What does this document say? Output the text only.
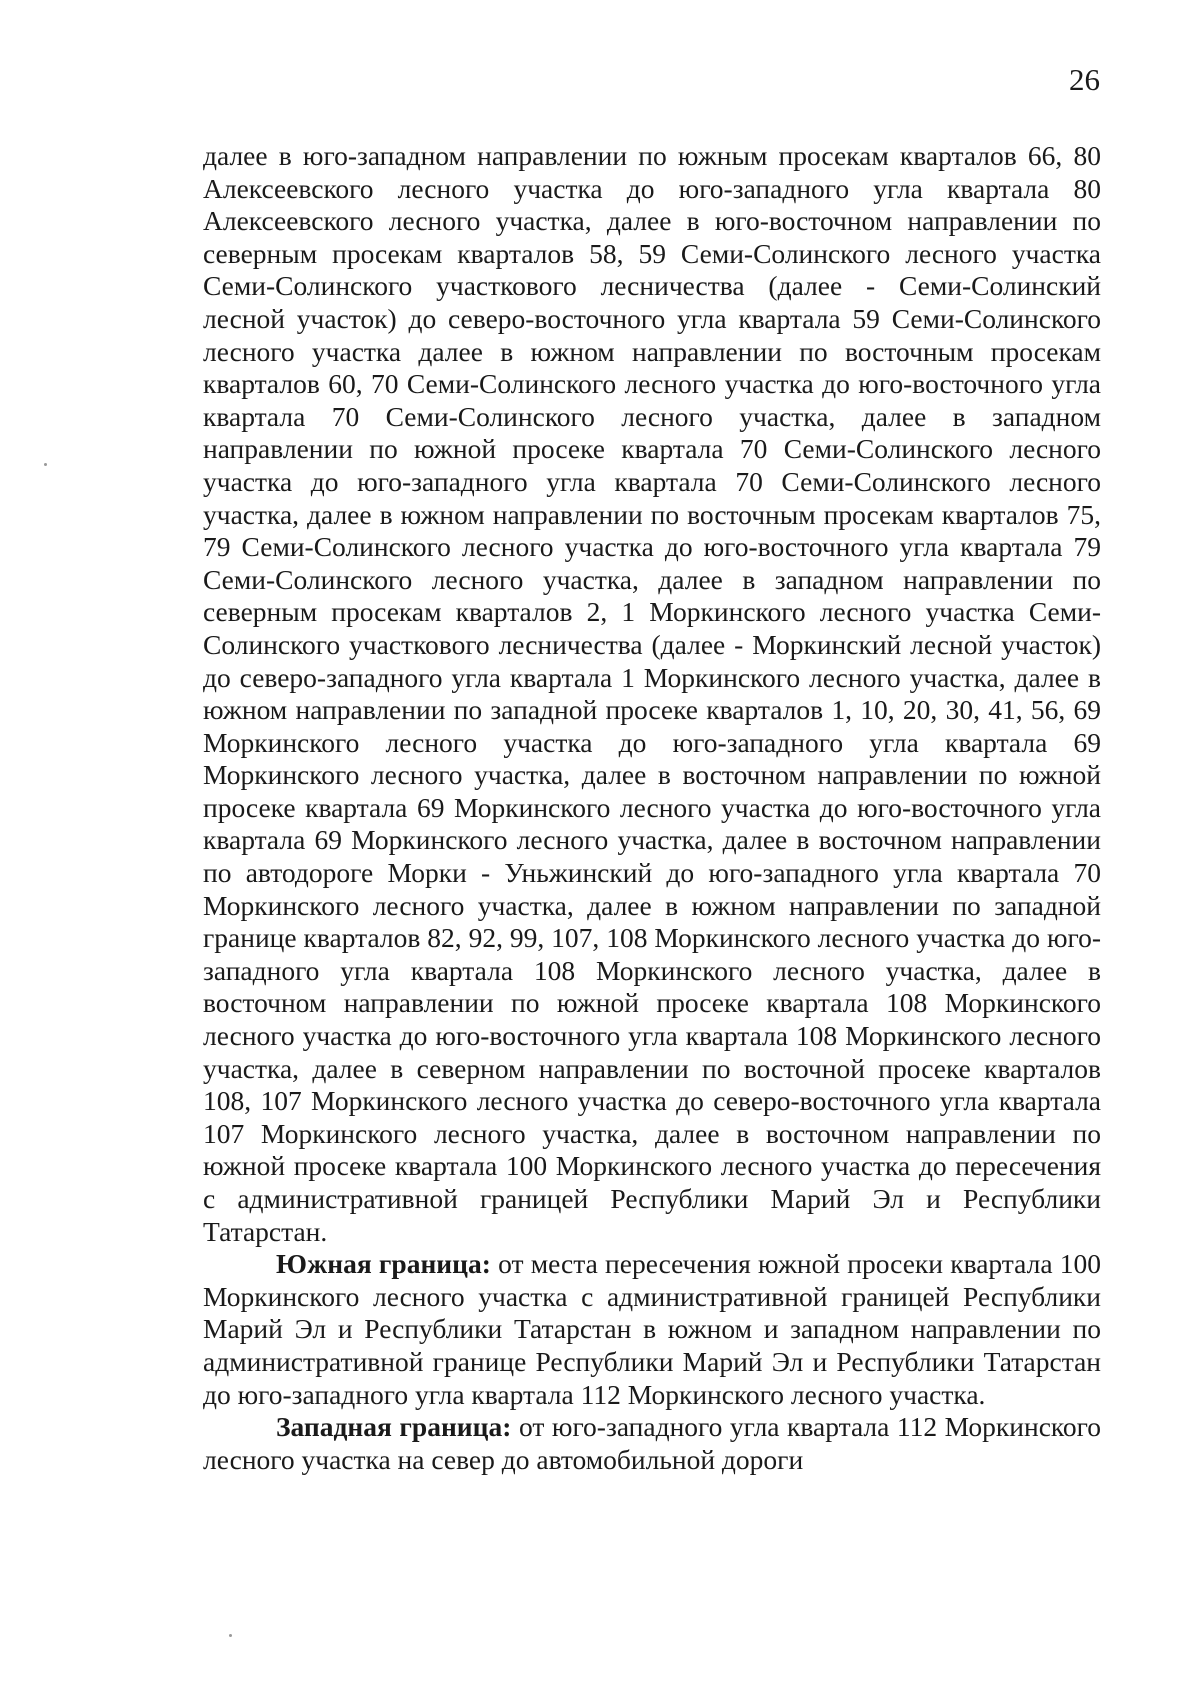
26

далее в юго-западном направлении по южным просекам кварталов 66, 80 Алексеевского лесного участка до юго-западного угла квартала 80 Алексеевского лесного участка, далее в юго-восточном направлении по северным просекам кварталов 58, 59 Семи-Солинского лесного участка Семи-Солинского участкового лесничества (далее - Семи-Солинский лесной участок) до северо-восточного угла квартала 59 Семи-Солинского лесного участка далее в южном направлении по восточным просекам кварталов 60, 70 Семи-Солинского лесного участка до юго-восточного угла квартала 70 Семи-Солинского лесного участка, далее в западном направлении по южной просеке квартала 70 Семи-Солинского лесного участка до юго-западного угла квартала 70 Семи-Солинского лесного участка, далее в южном направлении по восточным просекам кварталов 75, 79 Семи-Солинского лесного участка до юго-восточного угла квартала 79 Семи-Солинского лесного участка, далее в западном направлении по северным просекам кварталов 2, 1 Моркинского лесного участка Семи-Солинского участкового лесничества (далее - Моркинский лесной участок) до северо-западного угла квартала 1 Моркинского лесного участка, далее в южном направлении по западной просеке кварталов 1, 10, 20, 30, 41, 56, 69 Моркинского лесного участка до юго-западного угла квартала 69 Моркинского лесного участка, далее в восточном направлении по южной просеке квартала 69 Моркинского лесного участка до юго-восточного угла квартала 69 Моркинского лесного участка, далее в восточном направлении по автодороге Морки - Уньжинский до юго-западного угла квартала 70 Моркинского лесного участка, далее в южном направлении по западной границе кварталов 82, 92, 99, 107, 108 Моркинского лесного участка до юго-западного угла квартала 108 Моркинского лесного участка, далее в восточном направлении по южной просеке квартала 108 Моркинского лесного участка до юго-восточного угла квартала 108 Моркинского лесного участка, далее в северном направлении по восточной просеке кварталов 108, 107 Моркинского лесного участка до северо-восточного угла квартала 107 Моркинского лесного участка, далее в восточном направлении по южной просеке квартала 100 Моркинского лесного участка до пересечения с административной границей Республики Марий Эл и Республики Татарстан.

Южная граница: от места пересечения южной просеки квартала 100 Моркинского лесного участка с административной границей Республики Марий Эл и Республики Татарстан в южном и западном направлении по административной границе Республики Марий Эл и Республики Татарстан до юго-западного угла квартала 112 Моркинского лесного участка.

Западная граница: от юго-западного угла квартала 112 Моркинского лесного участка на север до автомобильной дороги
